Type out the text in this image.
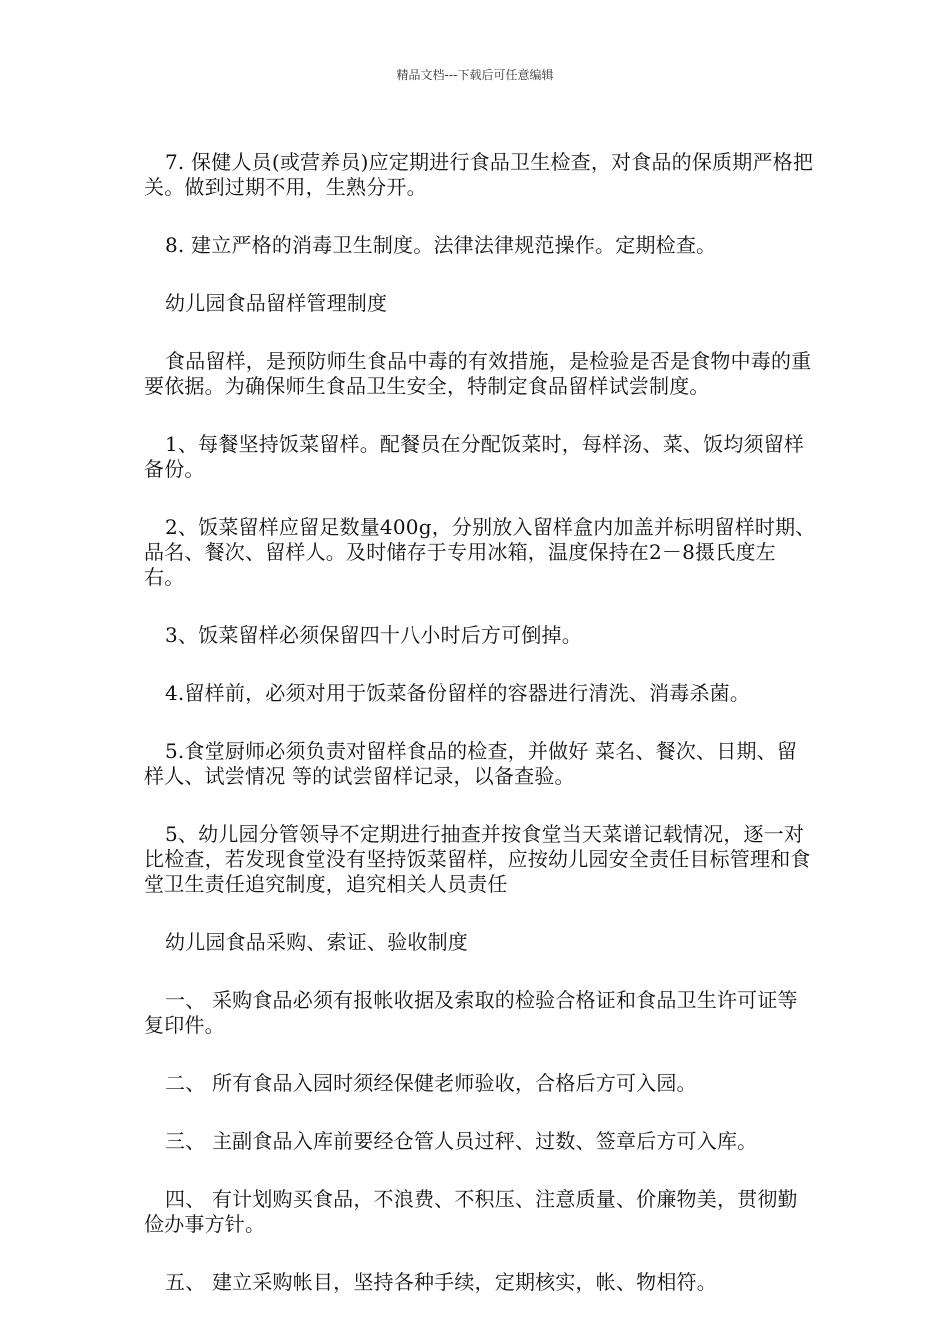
精品文档---下载后可任意编辑

7. 保健人员(或营养员)应定期进行食品卫生检查，对食品的保质期严格把关。做到过期不用，生熟分开。

8. 建立严格的消毒卫生制度。法律法律规范操作。定期检查。

幼儿园食品留样管理制度

食品留样，是预防师生食品中毒的有效措施，是检验是否是食物中毒的重要依据。为确保师生食品卫生安全，特制定食品留样试尝制度。

1、每餐坚持饭菜留样。配餐员在分配饭菜时，每样汤、菜、饭均须留样备份。

2、饭菜留样应留足数量400g，分别放入留样盒内加盖并标明留样时期、品名、餐次、留样人。及时储存于专用冰箱，温度保持在2－8摄氏度左右。

3、饭菜留样必须保留四十八小时后方可倒掉。

4.留样前，必须对用于饭菜备份留样的容器进行清洗、消毒杀菌。

5.食堂厨师必须负责对留样食品的检查，并做好 菜名、餐次、日期、留样人、试尝情况 等的试尝留样记录，以备查验。

5、幼儿园分管领导不定期进行抽查并按食堂当天菜谱记载情况，逐一对比检查，若发现食堂没有坚持饭菜留样，应按幼儿园安全责任目标管理和食堂卫生责任追究制度，追究相关人员责任

幼儿园食品采购、索证、验收制度

一、 采购食品必须有报帐收据及索取的检验合格证和食品卫生许可证等复印件。

二、 所有食品入园时须经保健老师验收，合格后方可入园。

三、 主副食品入库前要经仓管人员过秤、过数、签章后方可入库。

四、 有计划购买食品，不浪费、不积压、注意质量、价廉物美，贯彻勤俭办事方针。

五、 建立采购帐目，坚持各种手续，定期核实，帐、物相符。
